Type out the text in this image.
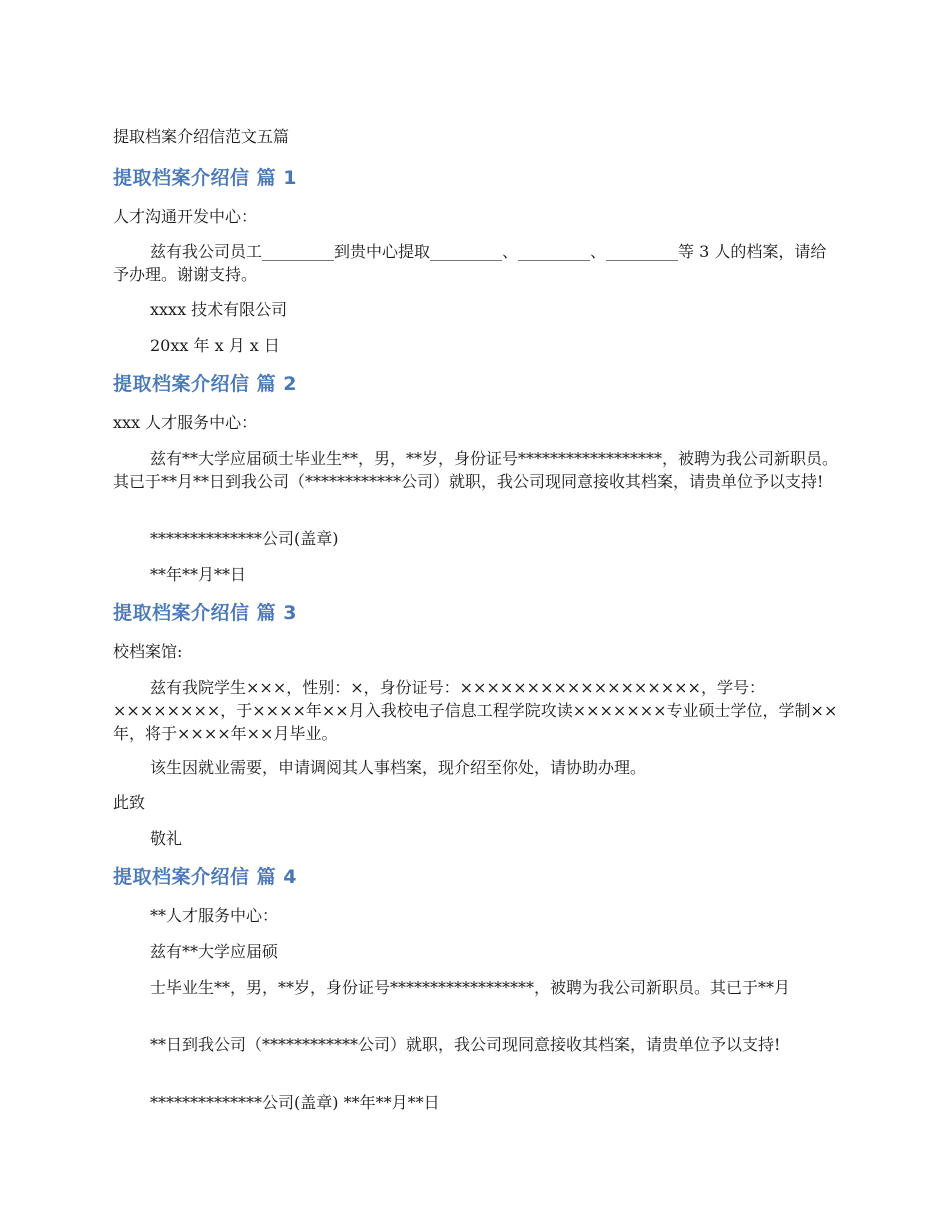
提取档案介绍信范文五篇
提取档案介绍信 篇 1
人才沟通开发中心：
兹有我公司员工_________到贵中心提取_________、_________、_________等 3 人的档案，请给予办理。谢谢支持。
xxxx 技术有限公司
20xx 年 x 月 x 日
提取档案介绍信 篇 2
xxx 人才服务中心：
兹有**大学应届硕士毕业生**，男，**岁，身份证号******************，被聘为我公司新职员。其已于**月**日到我公司（************公司）就职，我公司现同意接收其档案，请贵单位予以支持!
**************公司(盖章)
**年**月**日
提取档案介绍信 篇 3
校档案馆:
兹有我院学生×××，性别：×，身份证号：××××××××××××××××××，学号：××××××××，于××××年××月入我校电子信息工程学院攻读×××××××专业硕士学位，学制××年，将于××××年××月毕业。
该生因就业需要，申请调阅其人事档案，现介绍至你处，请协助办理。
此致
敬礼
提取档案介绍信 篇 4
**人才服务中心：
兹有**大学应届硕
士毕业生**，男，**岁，身份证号******************，被聘为我公司新职员。其已于**月
**日到我公司（************公司）就职，我公司现同意接收其档案，请贵单位予以支持!
**************公司(盖章) **年**月**日
